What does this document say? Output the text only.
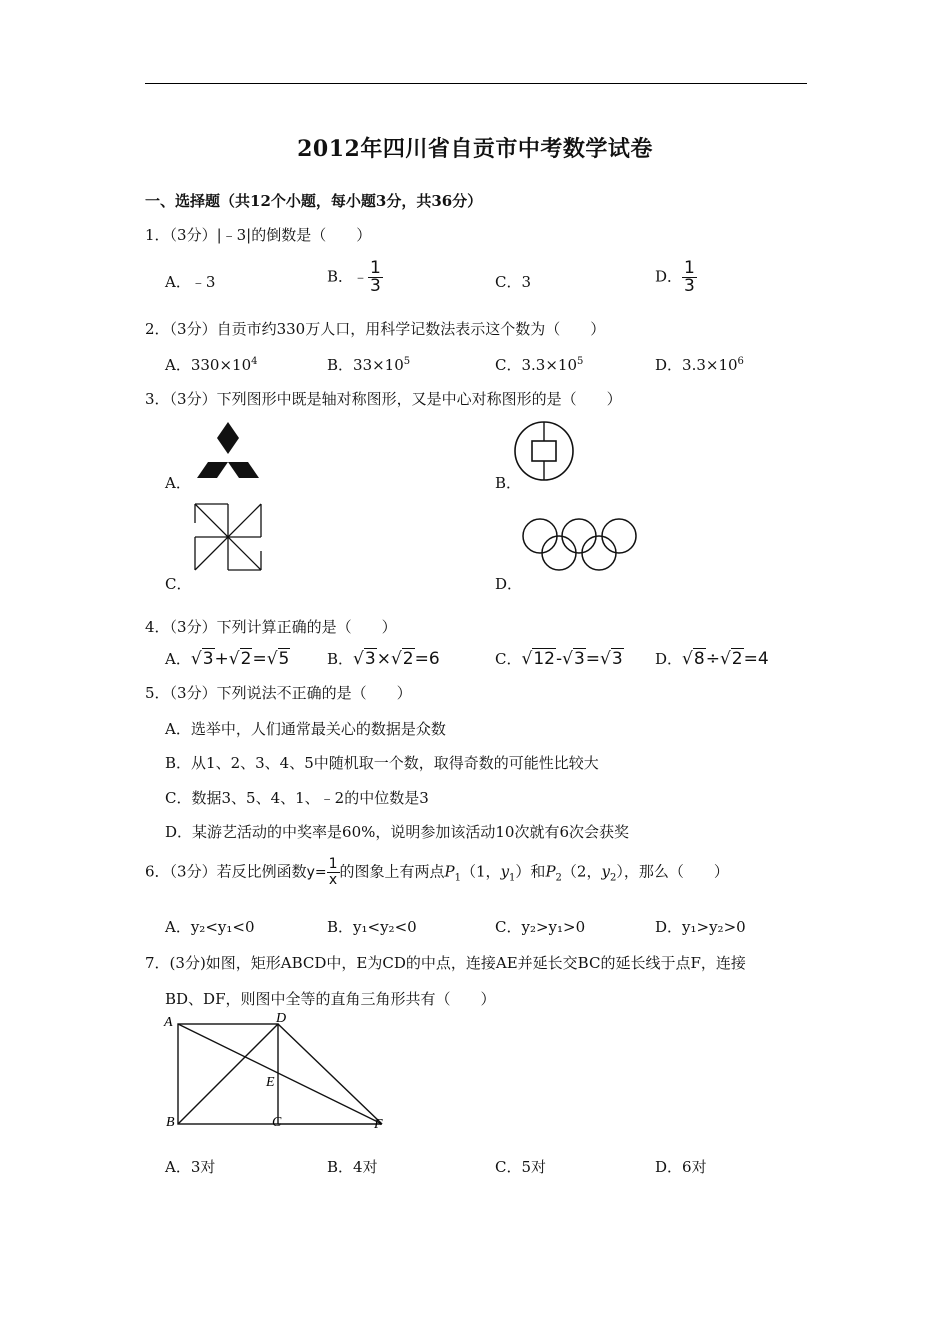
2012年四川省自贡市中考数学试卷
一、选择题（共12个小题，每小题3分，共36分）
1．（3分）|﹣3|的倒数是（　　）
A．﹣3	B．﹣ $\frac{1}{3}$	C．3	D． $\frac{1}{3}$
2．（3分）自贡市约330万人口，用科学记数法表示这个数为（　　）
A．$330\times 10^4$	B．$33\times 10^5$	C．$3.3\times 10^5$	D．$3.3\times 10^6$
3．（3分）下列图形中既是轴对称图形，又是中心对称图形的是（　　）
A．	B．
C．	D．
4．（3分）下列计算正确的是（　　）
A．√3+√2=√5	B．√3×√2=6	C．√12-√3=√3 D．√8÷√2=4
5．（3分）下列说法不正确的是（　　）
A．选举中，人们通常最关心的数据是众数
B．从1、2、3、4、5中随机取一个数，取得奇数的可能性比较大
C．数据3、5、4、1、﹣2的中位数是3
D．某游艺活动的中奖率是60%，说明参加该活动10次就有6次会获奖
6．（3分）若反比例函数$y= \frac{1}{x}$ 的图象上有两点$P_1(1$，$y_1$）和$P_2(2$，$y_2$），那么（　　）
A．y₂<y₁<0	B．y₁<y₂<0	C．y₂>y₁>0	D．y₁>y₂>0
7．(3分)如图，矩形ABCD中，E为CD的中点，连接AE并延长交BC的延长线于点F，连接
BD、DF，则图中全等的直角三角形共有（　　）
A	D
E
B	C	F
A．3对	B．4对	C．5对	D．6对
